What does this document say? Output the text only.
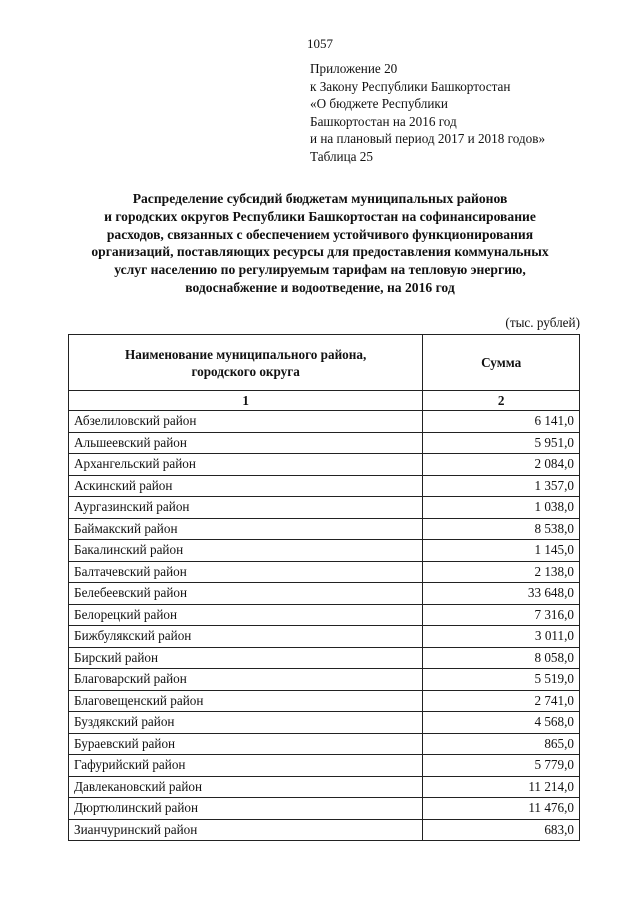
1057
Приложение 20
к Закону Республики Башкортостан
«О бюджете Республики
Башкортостан на 2016 год
и на плановый период 2017 и 2018 годов»
Таблица 25
Распределение субсидий бюджетам муниципальных районов
и городских округов Республики Башкортостан на софинансирование
расходов, связанных с обеспечением устойчивого функционирования
организаций, поставляющих ресурсы для предоставления коммунальных
услуг населению по регулируемым тарифам на тепловую энергию,
водоснабжение и водоотведение, на 2016 год
(тыс. рублей)
Наименование муниципального района,
городского округа	Сумма
1	2
Абзелиловский район	6 141,0
Альшеевский район	5 951,0
Архангельский район	2 084,0
Аскинский район	1 357,0
Аургазинский район	1 038,0
Баймакский район	8 538,0
Бакалинский район	1 145,0
Балтачевский район	2 138,0
Белебеевский район	33 648,0
Белорецкий район	7 316,0
Бижбулякский район	3 011,0
Бирский район	8 058,0
Благоварский район	5 519,0
Благовещенский район	2 741,0
Буздякский район	4 568,0
Бураевский район	865,0
Гафурийский район	5 779,0
Давлекановский район	11 214,0
Дюртюлинский район	11 476,0
Зианчуринский район	683,0
